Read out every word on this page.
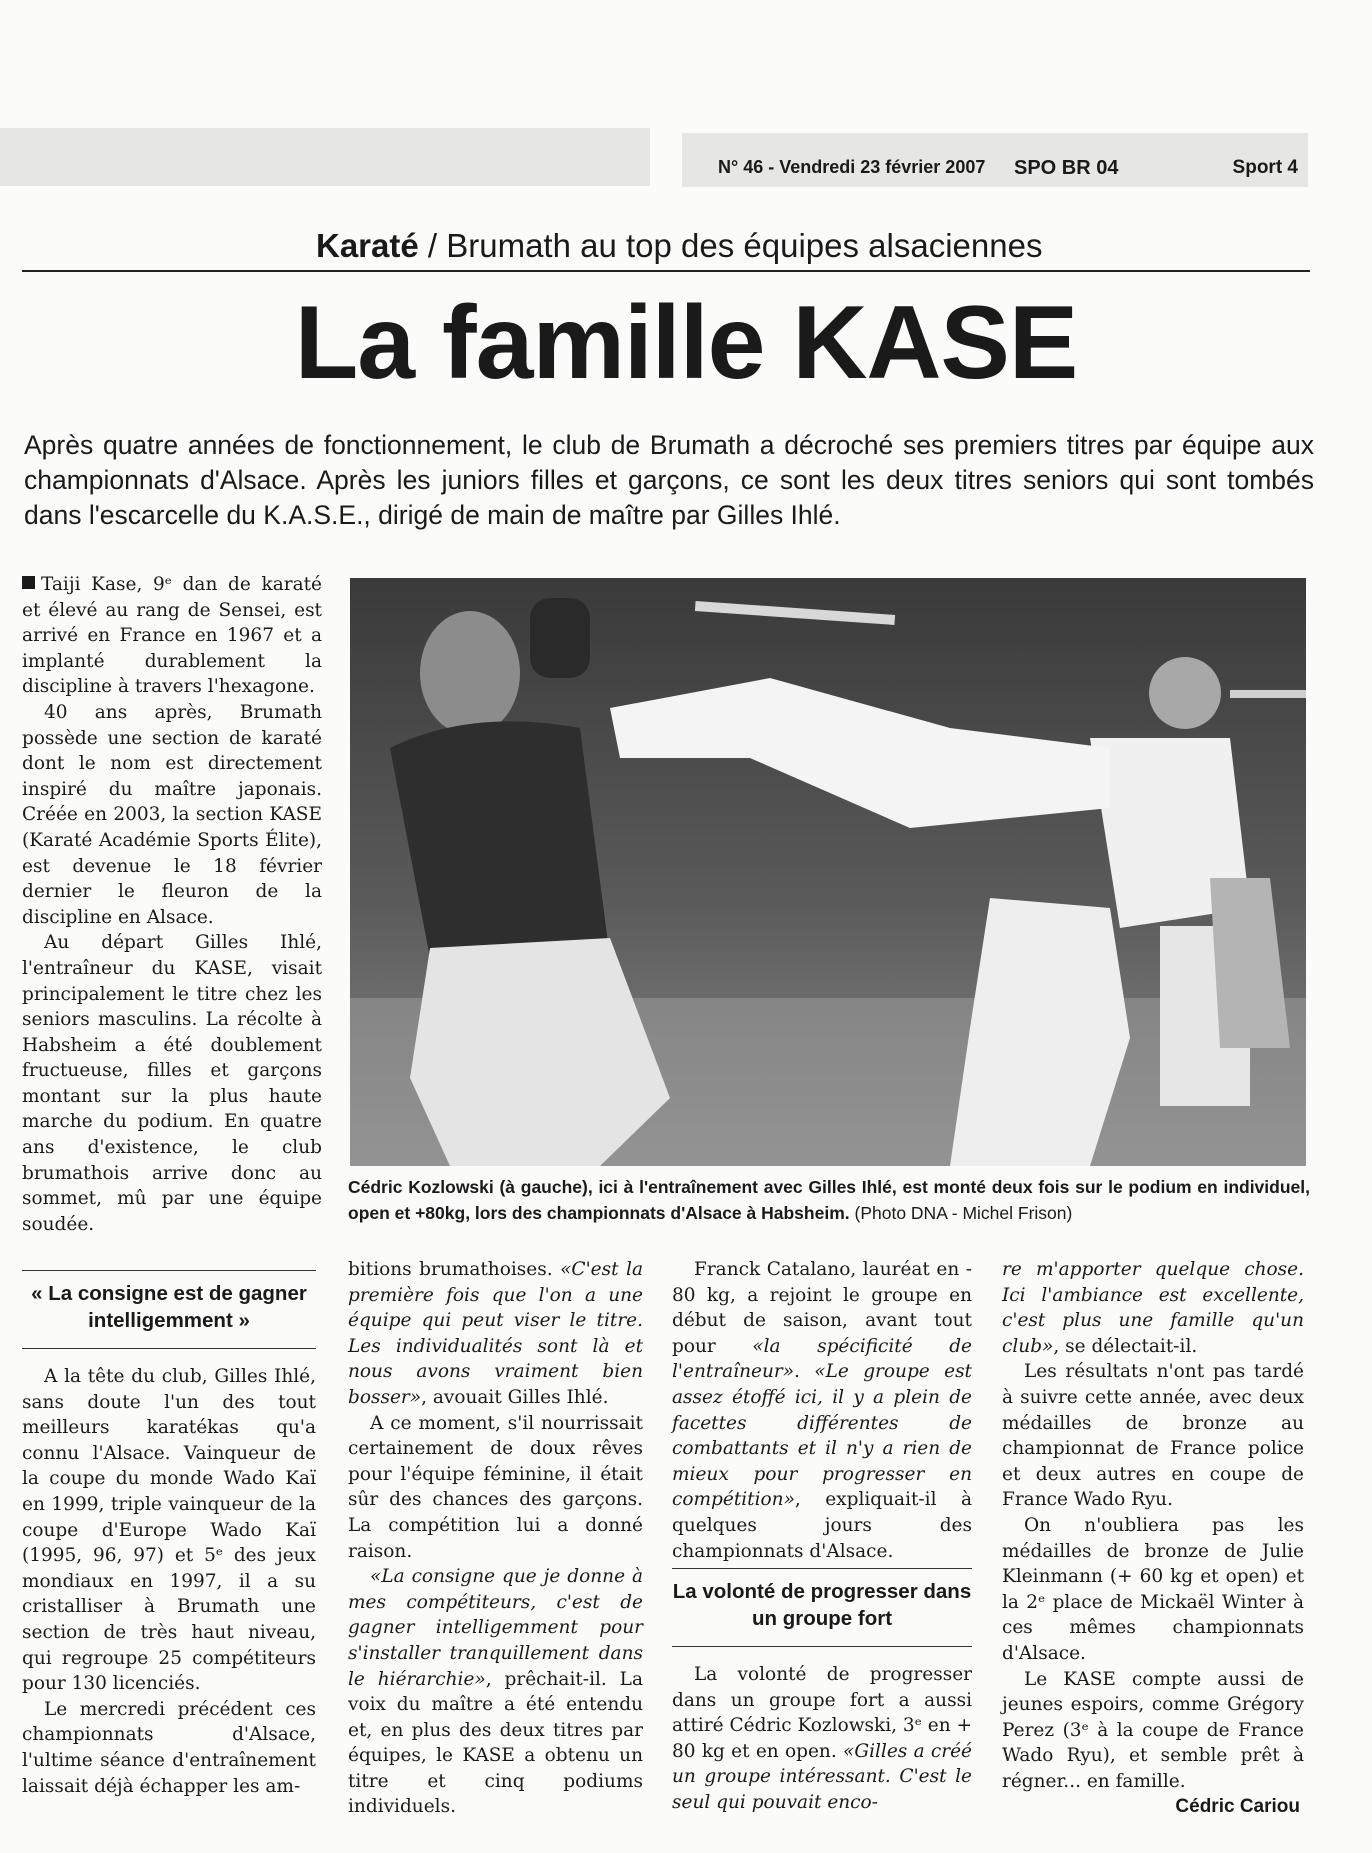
N° 46 - Vendredi 23 février 2007 SPO BR 04	Sport 4
Karaté / Brumath au top des équipes alsaciennes
La famille KASE
Après quatre années de fonctionnement, le club de Brumath a décroché ses premiers titres par équipe aux championnats d'Alsace. Après les juniors filles et garçons, ce sont les deux titres seniors qui sont tombés dans l'escarcelle du K.A.S.E., dirigé de main de maître par Gilles Ihlé.
Cédric Kozlowski (à gauche), ici à l'entraînement avec Gilles Ihlé, est monté deux fois sur le podium en individuel, open et +80kg, lors des championnats d'Alsace à Habsheim. (Photo DNA - Michel Frison)

Taiji Kase, 9ᵉ dan de karaté et élevé au rang de Sensei, est arrivé en France en 1967 et a implanté durablement la discipline à travers l'hexagone.

40 ans après, Brumath possède une section de karaté dont le nom est directement inspiré du maître japonais. Créée en 2003, la section KASE (Karaté Académie Sports Élite), est devenue le 18 février dernier le fleuron de la discipline en Alsace.

Au départ Gilles Ihlé, l'entraîneur du KASE, visait principalement le titre chez les seniors masculins. La récolte à Habsheim a été doublement fructueuse, filles et garçons montant sur la plus haute marche du podium. En quatre ans d'existence, le club brumathois arrive donc au sommet, mû par une équipe soudée.

« La consigne est de gagner intelligemment »

A la tête du club, Gilles Ihlé, sans doute l'un des tout meilleurs karatékas qu'a connu l'Alsace. Vainqueur de la coupe du monde Wado Kaï en 1999, triple vainqueur de la coupe d'Europe Wado Kaï (1995, 96, 97) et 5ᵉ des jeux mondiaux en 1997, il a su cristalliser à Brumath une section de très haut niveau, qui regroupe 25 compétiteurs pour 130 licenciés.

Le mercredi précédent ces championnats d'Alsace, l'ultime séance d'entraînement laissait déjà échapper les am-

bitions brumathoises. «C'est la première fois que l'on a une équipe qui peut viser le titre. Les individualités sont là et nous avons vraiment bien bosser», avouait Gilles Ihlé.

A ce moment, s'il nourrissait certainement de doux rêves pour l'équipe féminine, il était sûr des chances des garçons. La compétition lui a donné raison.

«La consigne que je donne à mes compétiteurs, c'est de gagner intelligemment pour s'installer tranquillement dans le hiérarchie», prêchait-il. La voix du maître a été entendu et, en plus des deux titres par équipes, le KASE a obtenu un titre et cinq podiums individuels.

Franck Catalano, lauréat en - 80 kg, a rejoint le groupe en début de saison, avant tout pour «la spécificité de l'entraîneur». «Le groupe est assez étoffé ici, il y a plein de facettes différentes de combattants et il n'y a rien de mieux pour progresser en compétition», expliquait-il à quelques jours des championnats d'Alsace.

La volonté de progresser dans un groupe fort

La volonté de progresser dans un groupe fort a aussi attiré Cédric Kozlowski, 3ᵉ en + 80 kg et en open. «Gilles a créé un groupe intéressant. C'est le seul qui pouvait enco-

re m'apporter quelque chose. Ici l'ambiance est excellente, c'est plus une famille qu'un club», se délectait-il.

Les résultats n'ont pas tardé à suivre cette année, avec deux médailles de bronze au championnat de France police et deux autres en coupe de France Wado Ryu.

On n'oubliera pas les médailles de bronze de Julie Kleinmann (+ 60 kg et open) et la 2ᵉ place de Mickaël Winter à ces mêmes championnats d'Alsace.

Le KASE compte aussi de jeunes espoirs, comme Grégory Perez (3ᵉ à la coupe de France Wado Ryu), et semble prêt à régner... en famille.

Cédric Cariou
